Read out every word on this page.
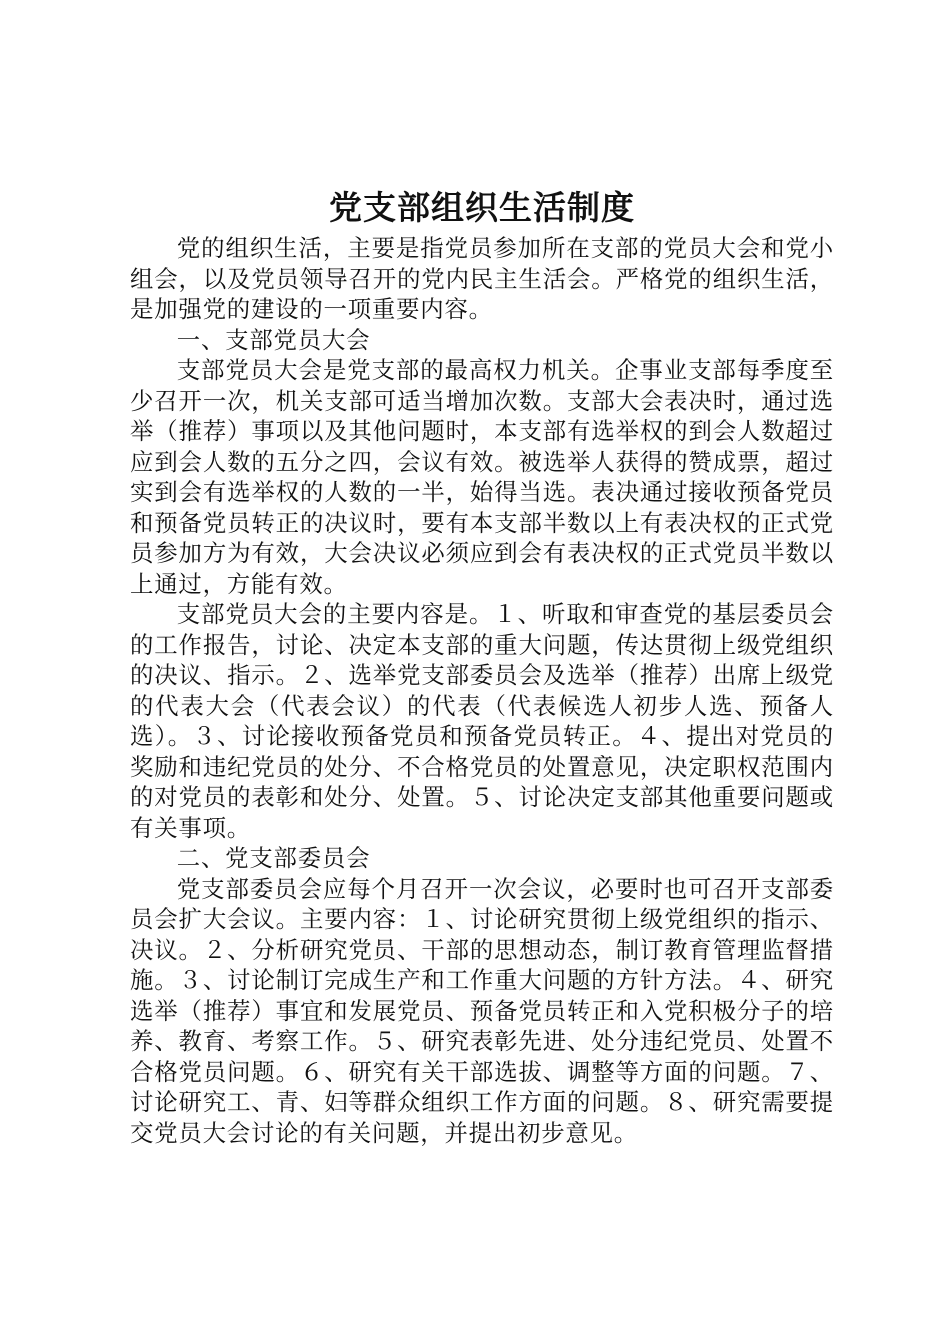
党支部组织生活制度

党的组织生活，主要是指党员参加所在支部的党员大会和党小组会，以及党员领导召开的党内民主生活会。严格党的组织生活，是加强党的建设的一项重要内容。

一、支部党员大会

支部党员大会是党支部的最高权力机关。企事业支部每季度至少召开一次，机关支部可适当增加次数。支部大会表决时，通过选举（推荐）事项以及其他问题时，本支部有选举权的到会人数超过应到会人数的五分之四，会议有效。被选举人获得的赞成票，超过实到会有选举权的人数的一半，始得当选。表决通过接收预备党员和预备党员转正的决议时，要有本支部半数以上有表决权的正式党员参加方为有效，大会决议必须应到会有表决权的正式党员半数以上通过，方能有效。

支部党员大会的主要内容是。１、听取和审查党的基层委员会的工作报告，讨论、决定本支部的重大问题，传达贯彻上级党组织的决议、指示。２、选举党支部委员会及选举（推荐）出席上级党的代表大会（代表会议）的代表（代表候选人初步人选、预备人选）。３、讨论接收预备党员和预备党员转正。４、提出对党员的奖励和违纪党员的处分、不合格党员的处置意见，决定职权范围内的对党员的表彰和处分、处置。５、讨论决定支部其他重要问题或有关事项。

二、党支部委员会

党支部委员会应每个月召开一次会议，必要时也可召开支部委员会扩大会议。主要内容：１、讨论研究贯彻上级党组织的指示、决议。２、分析研究党员、干部的思想动态，制订教育管理监督措施。３、讨论制订完成生产和工作重大问题的方针方法。４、研究选举（推荐）事宜和发展党员、预备党员转正和入党积极分子的培养、教育、考察工作。５、研究表彰先进、处分违纪党员、处置不合格党员问题。６、研究有关干部选拔、调整等方面的问题。７、讨论研究工、青、妇等群众组织工作方面的问题。８、研究需要提交党员大会讨论的有关问题，并提出初步意见。
